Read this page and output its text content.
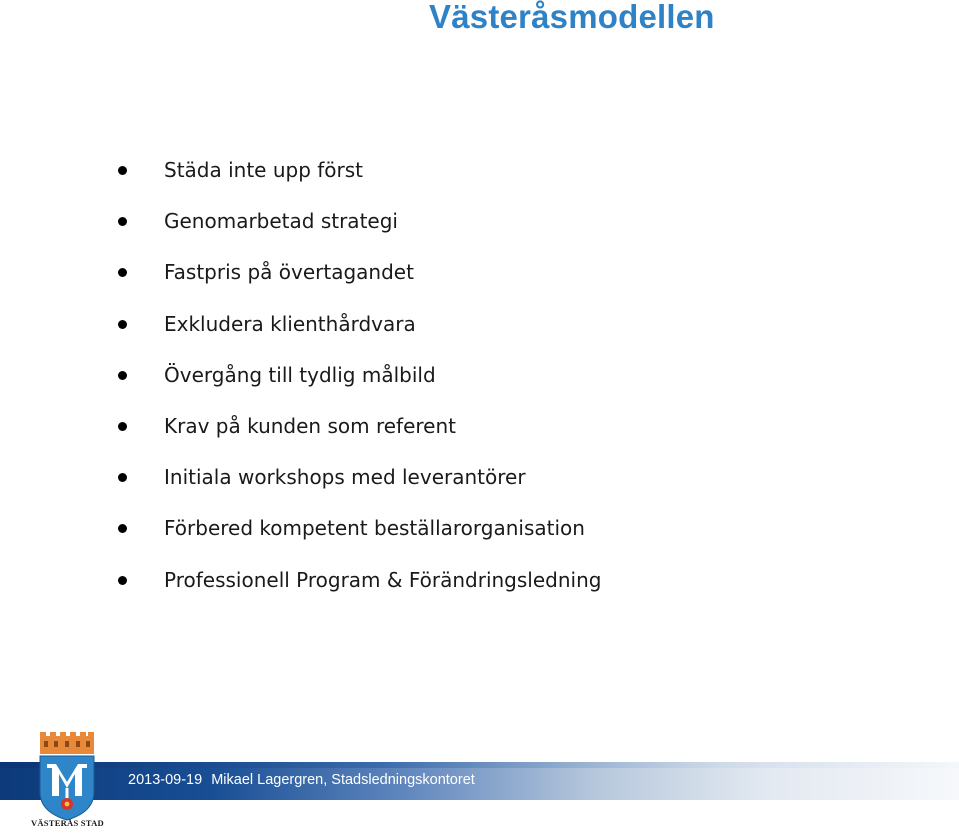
Västeråsmodellen
Städa inte upp först
Genomarbetad strategi
Fastpris på övertagandet
Exkludera klienthårdvara
Övergång till tydlig målbild
Krav på kunden som referent
Initiala workshops med leverantörer
Förbered kompetent beställarorganisation
Professionell Program & Förändringsledning
2013-09-19 Mikael Lagergren, Stadsledningskontoret
VÄSTERÅS STAD
